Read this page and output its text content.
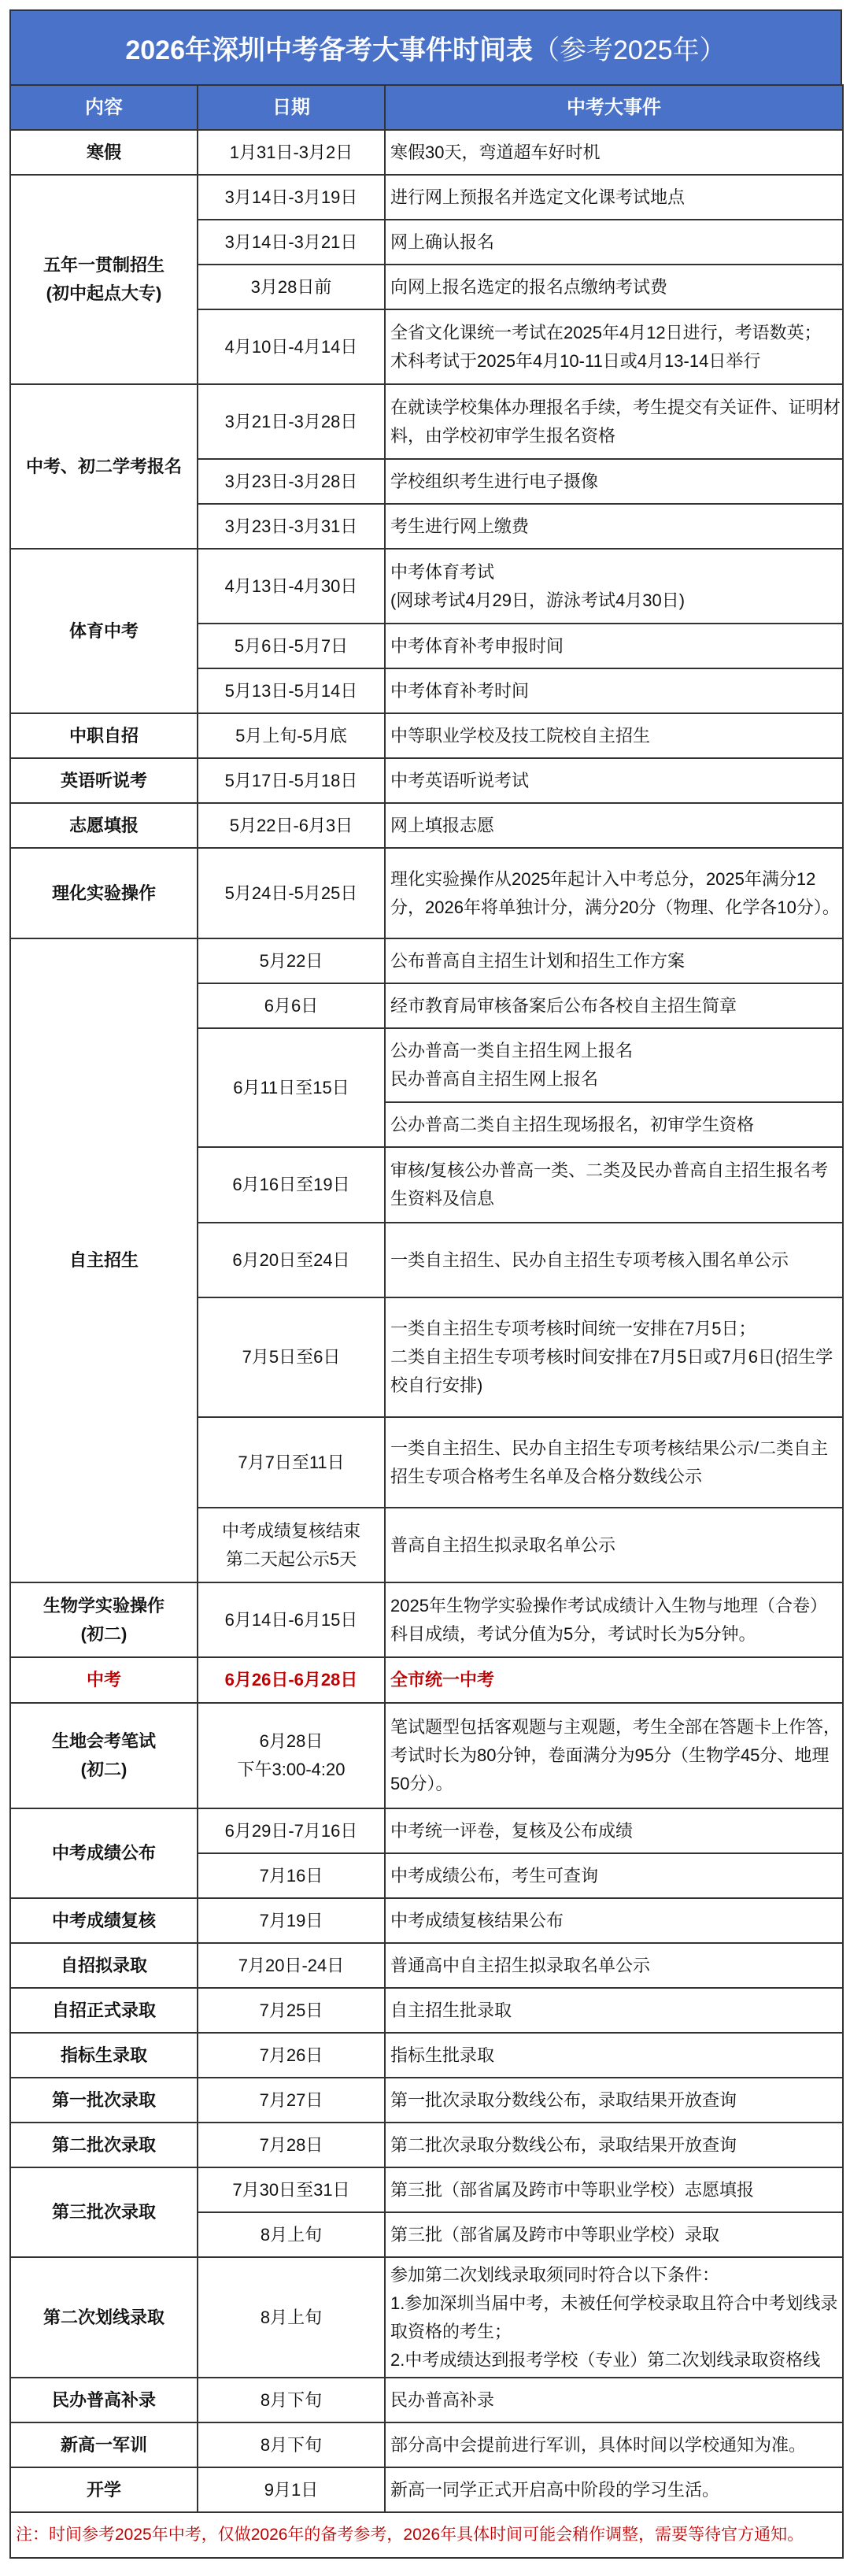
2026年深圳中考备考大事件时间表 （参考2025年）
内容	日期	中考大事件
寒假	1月31日-3月2日	寒假30天，弯道超车好时机
五年一贯制招生
(初中起点大专)	3月14日-3月19日	进行网上预报名并选定文化课考试地点
	3月14日-3月21日	网上确认报名
	3月28日前	向网上报名选定的报名点缴纳考试费
	4月10日-4月14日	全省文化课统一考试在2025年4月12日进行，考语数英；
术科考试于2025年4月10-11日或4月13-14日举行
中考、初二学考报名	3月21日-3月28日	在就读学校集体办理报名手续，考生提交有关证件、证明材料，由学校初审学生报名资格
	3月23日-3月28日	学校组织考生进行电子摄像
	3月23日-3月31日	考生进行网上缴费
体育中考	4月13日-4月30日	中考体育考试
(网球考试4月29日，游泳考试4月30日)
	5月6日-5月7日	中考体育补考申报时间
	5月13日-5月14日	中考体育补考时间
中职自招	5月上旬-5月底	中等职业学校及技工院校自主招生
英语听说考	5月17日-5月18日	中考英语听说考试
志愿填报	5月22日-6月3日	网上填报志愿
理化实验操作	5月24日-5月25日	理化实验操作从2025年起计入中考总分，2025年满分12分，2026年将单独计分，满分20分（物理、化学各10分）。
自主招生	5月22日	公布普高自主招生计划和招生工作方案
	6月6日	经市教育局审核备案后公布各校自主招生简章
	6月11日至15日	公办普高一类自主招生网上报名
民办普高自主招生网上报名
		公办普高二类自主招生现场报名，初审学生资格
	6月16日至19日	审核/复核公办普高一类、二类及民办普高自主招生报名考生资料及信息
	6月20日至24日	一类自主招生、民办自主招生专项考核入围名单公示
	7月5日至6日	一类自主招生专项考核时间统一安排在7月5日；
二类自主招生专项考核时间安排在7月5日或7月6日(招生学校自行安排)
	7月7日至11日	一类自主招生、民办自主招生专项考核结果公示/二类自主招生专项合格考生名单及合格分数线公示
	中考成绩复核结束
第二天起公示5天	普高自主招生拟录取名单公示
生物学实验操作
(初二)	6月14日-6月15日	2025年生物学实验操作考试成绩计入生物与地理（合卷）科目成绩，考试分值为5分，考试时长为5分钟。
中考	6月26日-6月28日	全市统一中考
生地会考笔试
(初二)	6月28日
下午3:00-4:20	笔试题型包括客观题与主观题，考生全部在答题卡上作答，考试时长为80分钟，卷面满分为95分（生物学45分、地理50分）。
中考成绩公布	6月29日-7月16日	中考统一评卷，复核及公布成绩
	7月16日	中考成绩公布，考生可查询
中考成绩复核	7月19日	中考成绩复核结果公布
自招拟录取	7月20日-24日	普通高中自主招生拟录取名单公示
自招正式录取	7月25日	自主招生批录取
指标生录取	7月26日	指标生批录取
第一批次录取	7月27日	第一批次录取分数线公布，录取结果开放查询
第二批次录取	7月28日	第二批次录取分数线公布，录取结果开放查询
第三批次录取	7月30日至31日	第三批（部省属及跨市中等职业学校）志愿填报
	8月上旬	第三批（部省属及跨市中等职业学校）录取
第二次划线录取	8月上旬	参加第二次划线录取须同时符合以下条件：
1.参加深圳当届中考，未被任何学校录取且符合中考划线录取资格的考生；
2.中考成绩达到报考学校（专业）第二次划线录取资格线
民办普高补录	8月下旬	民办普高补录
新高一军训	8月下旬	部分高中会提前进行军训，具体时间以学校通知为准。
开学	9月1日	新高一同学正式开启高中阶段的学习生活。
注：时间参考2025年中考，仅做2026年的备考参考，2026年具体时间可能会稍作调整，需要等待官方通知。		
